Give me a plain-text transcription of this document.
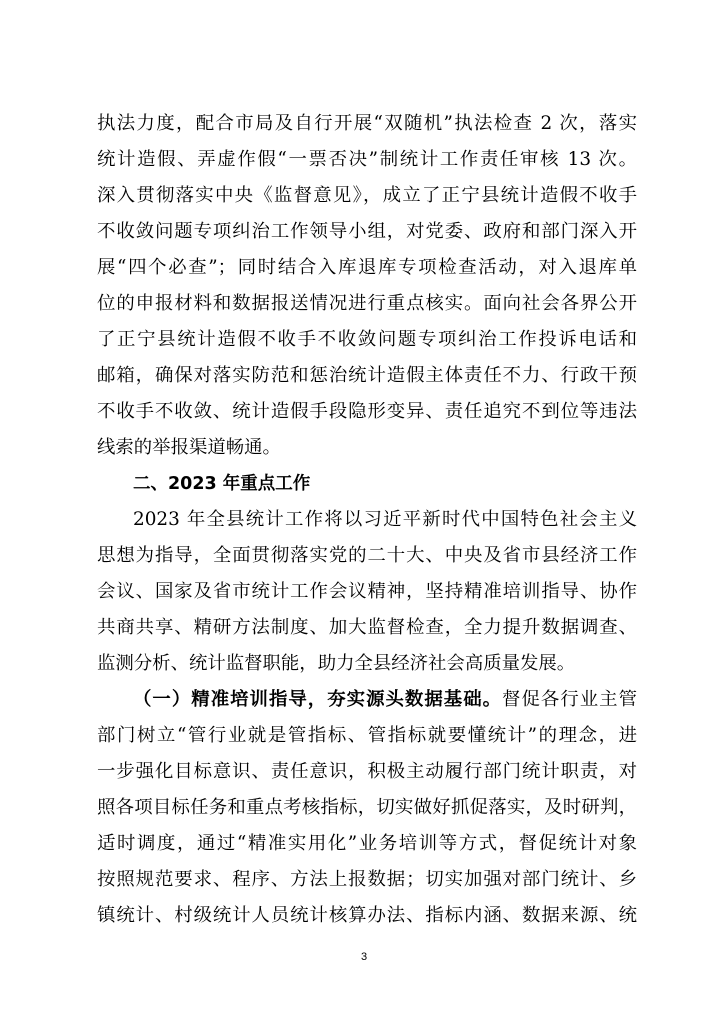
执法力度，配合市局及自行开展“双随机”执法检查 2 次，落实
统计造假、弄虚作假“一票否决”制统计工作责任审核 13 次。
深入贯彻落实中央《监督意见》，成立了正宁县统计造假不收手
不收敛问题专项纠治工作领导小组，对党委、政府和部门深入开
展“四个必查”；同时结合入库退库专项检查活动，对入退库单
位的申报材料和数据报送情况进行重点核实。面向社会各界公开
了正宁县统计造假不收手不收敛问题专项纠治工作投诉电话和
邮箱，确保对落实防范和惩治统计造假主体责任不力、行政干预
不收手不收敛、统计造假手段隐形变异、责任追究不到位等违法
线索的举报渠道畅通。
二、2023 年重点工作
2023 年全县统计工作将以习近平新时代中国特色社会主义
思想为指导，全面贯彻落实党的二十大、中央及省市县经济工作
会议、国家及省市统计工作会议精神，坚持精准培训指导、协作
共商共享、精研方法制度、加大监督检查，全力提升数据调查、
监测分析、统计监督职能，助力全县经济社会高质量发展。
（一）精准培训指导，夯实源头数据基础。督促各行业主管
部门树立“管行业就是管指标、管指标就要懂统计”的理念，进
一步强化目标意识、责任意识，积极主动履行部门统计职责，对
照各项目标任务和重点考核指标，切实做好抓促落实，及时研判，
适时调度，通过“精准实用化”业务培训等方式，督促统计对象
按照规范要求、程序、方法上报数据；切实加强对部门统计、乡
镇统计、村级统计人员统计核算办法、指标内涵、数据来源、统
3
